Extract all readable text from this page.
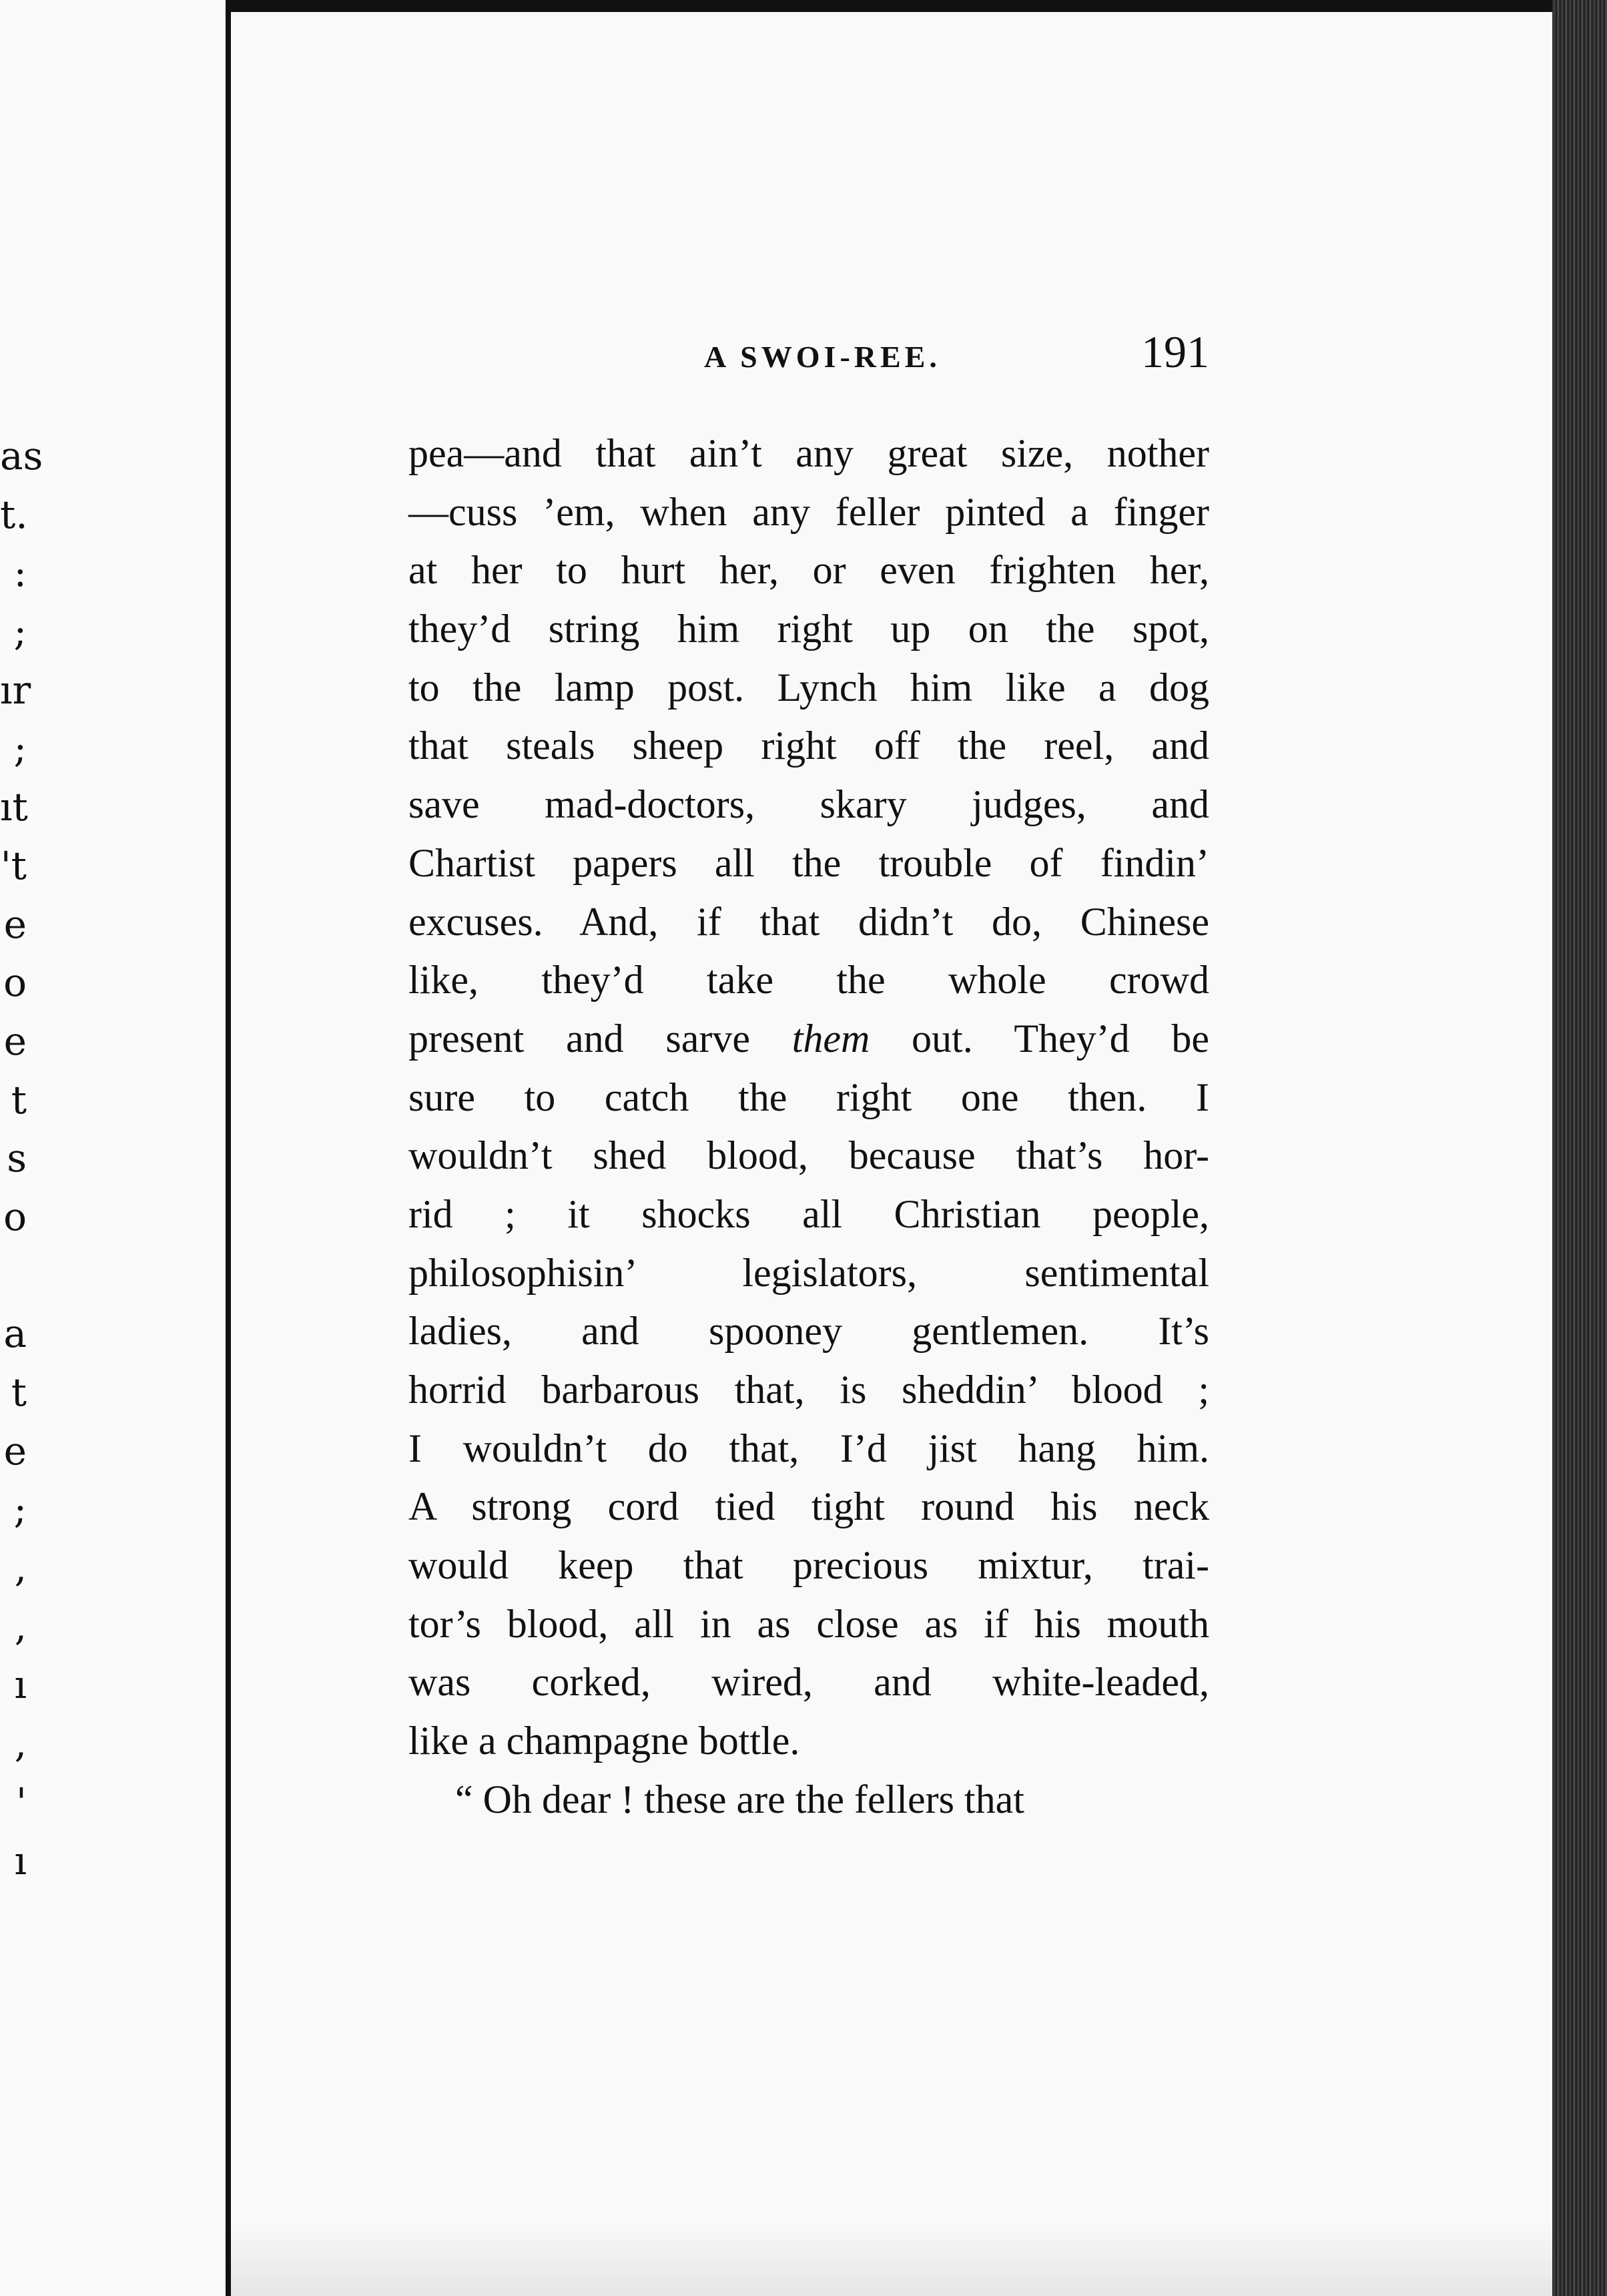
as
t.
:
;
ır
;
ıt
't
e
o
e
t
s
o
a
t
e
;
,
,
ı
,
'
ı
A SWOI-REE.	191
pea—and that ain’t any great size, nother
—cuss ’em, when any feller pinted a finger
at her to hurt her, or even frighten her,
they’d string him right up on the spot,
to the lamp post. Lynch him like a dog
that steals sheep right off the reel, and
save mad-doctors, skary judges, and
Chartist papers all the trouble of findin’
excuses. And, if that didn’t do, Chinese
like, they’d take the whole crowd
present and sarve them out. They’d be
sure to catch the right one then. I
wouldn’t shed blood, because that’s hor-
rid ; it shocks all Christian people,
philosophisin’ legislators, sentimental
ladies, and spooney gentlemen. It’s
horrid barbarous that, is sheddin’ blood ;
I wouldn’t do that, I’d jist hang him.
A strong cord tied tight round his neck
would keep that precious mixtur, trai-
tor’s blood, all in as close as if his mouth
was corked, wired, and white-leaded,
like a champagne bottle.
“ Oh dear ! these are the fellers that
